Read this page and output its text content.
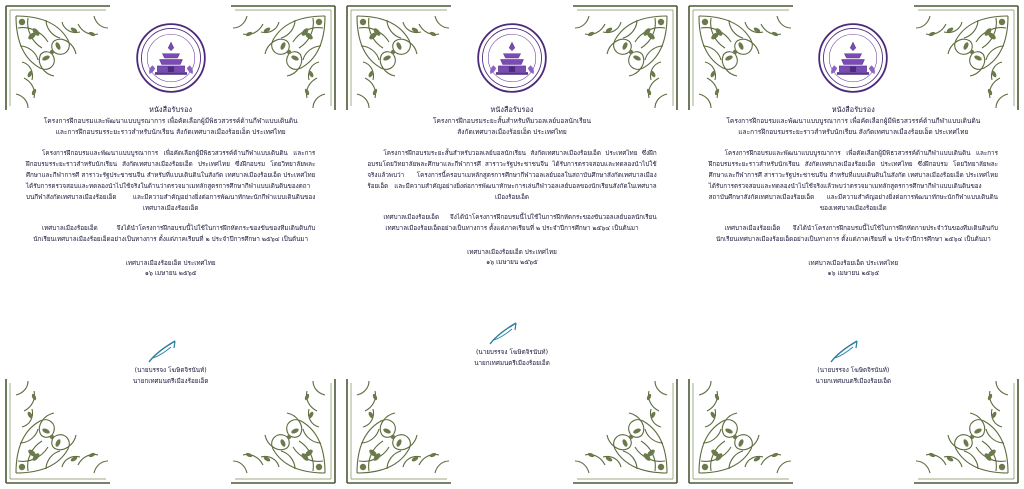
หนังสือรับรอง
โครงการฝึกอบรมและพัฒนาแบบบูรณาการ เพื่อคัดเลือกผู้มีพิธวสวรรค์ด้านกีฬาแบบเดินดิน
และการฝึกอบรมรระยะราวสำหรับนักเรียน สังกัดเทศบาลเมืองร้อยเอ็ด ประเทศไทย
โครงการฝึกอบรมและพัฒนาแบบบูรณาการ เพื่อคัดเลือกผู้มีพิธวสวรรค์ด้านกีฬาแบบเดินดิน และการฝึกอบรมรระยะราวสำหรับนักเรียน สังกัดเทศบาลเมืองร้อยเอ็ด ประเทศไทย ซึ่งฝึกอบรม โดยวิทยาลัยพละศึกษาและกีฬาการศึ สาราวะรัฐประชาชนจีน สำหรับที่แบบเดินดินในสังกัด เทศบาลเมืองร้อยเอ็ด ประเทศไทย ได้รับการตรวจสอบและทดลองนำไปใช้จริงในด้านว่าตรวจมาเมทลักสูตรการศึกษากีฬาแบบเดินดินของตถาบนกีฬาสังกัดเทศบาลเมืองร้อยเอ็ด และมีความสำคัญอย่างยิ่งต่อการพัฒนาทักษะนักกีฬาแบบเดินดินของเทศบาลเมืองร้อยเอ็ด
เทศบาลเมืองร้อยเอ็ด จึงได้นำโครงการฝึกอบรมนี้ไปใช้ในการฝึกหัดกระของขันของทีมเดินดินกับนักเรียนเทศบาลเมืองร้อยเอ็ดอย่างเป็นทางการ ตั้งแต่ภาคเรียนที่ ๒ ประจำปีการศึกษา ๒๕๖๔ เป็นต้นมา
เทศบาลเมืองร้อยเอ็ด ประเทศไทย
๑๖ เมษายน ๒๕๖๕
(นายบรรจง โฆษิตจิรนันท์)
นายกเทศมนตรีเมืองร้อยเอ็ด
หนังสือรับรอง
โครงการฝึกอบรมระยะสั้นสำหรับทีมวอลเลย์บอลนักเรียน
สังกัดเทศบาลเมืองร้อยเอ็ด ประเทศไทย
โครงการฝึกอบรมระยะสั้นสำหรับวอลเลย์บอลนักเรียน สังกัดเทศบาลเมืองร้อยเอ็ด ประเทศไทย ซึ่งฝึกอบรมโดยวิทยาลัยพละศึกษาและกีฬาการศึ สาราวะรัฐประชาชนจีน ได้รับการตรวจสอบและทดลองนำไปใช้จริงแล้วพบว่า โครงการนี้ครอบาเมหลักสูตรการศึกษากีฬาวอลเลย์บอลในสถาบันศึกษาสังกัดเทศบาลเมืองร้อยเอ็ด และมีความสำคัญอย่างยิ่งต่อการพัฒนาทักษะการเล่นกีฬาวอลเลย์บอลของนักเรียนสังกัดในเทศบาลเมืองร้อยเอ็ด
เทศบาลเมืองร้อยเอ็ด จึงได้นำโครงการฝึกอบรมนี้ไปใช้ในการฝึกหัดกระของขันวอลเลย์บอลนักเรียนเทศบาลเมืองร้อยเอ็ดอย่างเป็นทางการ ตั้งแต่ภาคเรียนที่ ๒ ประจำปีการศึกษา ๒๕๖๔ เป็นต้นมา
เทศบาลเมืองร้อยเอ็ด ประเทศไทย
๑๖ เมษายน ๒๕๖๕
(นายบรรจง โฆษิตจิรนันท์)
นายกเทศมนตรีเมืองร้อยเอ็ด
หนังสือรับรอง
โครงการฝึกอบรมและพัฒนาแบบบูรณาการ เพื่อคัดเลือกผู้มีพิธวสวรรค์ด้านกีฬาแบบเดินดิน
และการฝึกอบรมรระยะราวสำหรับนักเรียน สังกัดเทศบาลเมืองร้อยเอ็ด ประเทศไทย
โครงการฝึกอบรมและพัฒนาแบบบูรณาการ เพื่อคัดเลือกผู้มีพิธวสวรรค์ด้านกีฬาแบบเดินดิน และการฝึกอบรมรระยะราวสำหรับนักเรียน สังกัดเทศบาลเมืองร้อยเอ็ด ประเทศไทย ซึ่งฝึกอบรม โดยวิทยาลัยพละศึกษาและกีฬาการศึ สาราวะรัฐประชาชนจีน สำหรับที่แบบเดินดินในสังกัด เทศบาลเมืองร้อยเอ็ด ประเทศไทย ได้รับการตรวจสอบและทดลองนำไปใช้จริงแล้วพบว่าตรวจมาเมทลักสูตรการศึกษากีฬาแบบเดินดินของสถาบันศึกษาสังกัดเทศบาลเมืองร้อยเอ็ด และมีความสำคัญอย่างยิ่งต่อการพัฒนาทักษะนักกีฬาแบบเดินดินของเทศบาลเมืองร้อยเอ็ด
เทศบาลเมืองร้อยเอ็ด จึงได้นำโครงการฝึกอบรมนี้ไปใช้ในการฝึกหัดกายประจำวันของทีมเดินดินกับนักเรียนเทศบาลเมืองร้อยเอ็ดอย่างเป็นทางการ ตั้งแต่ภาคเรียนที่ ๒ ประจำปีการศึกษา ๒๕๖๔ เป็นต้นมา
เทศบาลเมืองร้อยเอ็ด ประเทศไทย
๑๖ เมษายน ๒๕๖๕
(นายบรรจง โฆษิตจิรนันท์)
นายกเทศมนตรีเมืองร้อยเอ็ด
